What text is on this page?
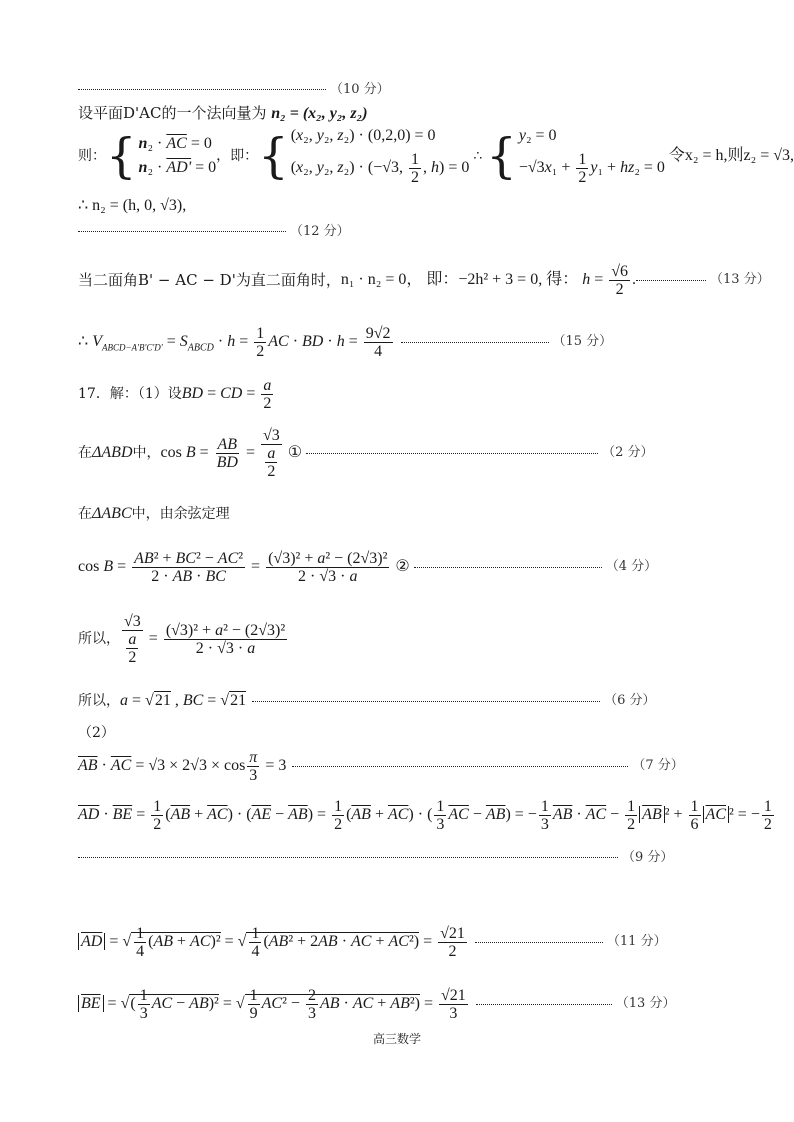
（10 分）
设平面D'AC的一个法向量为 n₂ = (x₂, y₂, z₂)
则： { $n_2 \cdot \overline{AC} = 0$
n₂ · AD' = 0
，即： { (x₂, y₂, z₂) · (0,2,0) = 0
(x₂, y₂, z₂) · (−√3, $\frac{1}{2}$ , h) = 0
∴ { y₂ = 0
$-√3x_1 + \frac{1}{2} y_1 + hz_2 = 0$
令x₂ = h,则z₂ = √3,
∴ n₂ = (h, 0, √3),
（12 分）
当二面角B' − AC − D'为直二面角时， n₁ · n₂ = 0， 即：−2h² + 3 = 0, 得： $h = \frac{√6}{2}$ .	（13 分）
∴ $V_{ABCD-A'B'C'D'} = S_{ABCD} \cdot h = \frac{1}{2}$ AC · BD · $h = \frac{9√2}{4}$	（15 分）
17．解：（1）设 BD = CD = $\frac{a}{2}$
在 ΔABD 中， $\cos B = \frac{AB}{BD} = \frac{√3}{\frac{a}{2}}$ ①	（2 分）
在ΔABC中，由余弦定理
$\cos B = \frac{\text{AB² + BC² − AC²}}{2 \cdot AB \cdot BC} = \frac{\text{(√3)² + a² − (2√3)²}}{2 \cdot √3 \cdot a}$ ②	（4 分）
所以， $\frac{√3}{\frac{a}{2}} = \frac{\text{(√3)² + a² − (2√3)²}}{2 \cdot √3 \cdot a}$
所以， a = √21 , BC = √21	（6 分）
（2）
$\overline{AB} \cdot \overline{AC} = √3 \times 2√3 \times \cos \frac{\pi}{3} = 3$	（7 分）
$\overline{AD} \cdot \overline{BE} = \frac{1}{2} (\overline{AB} + \overline{AC}) \cdot (\overline{AE} - \overline{AB}) = \frac{1}{2} (\overline{AB} + \overline{AC})$ · ( $\frac{1}{3} \overline{AC} - \overline{AB}$) = − $\frac{1}{3} \overline{AB} \cdot \overline{AC} - \frac{1}{2} \overline{AB}$ $^2 + \frac{1}{6} \overline{AC}$ ² = − $\frac{1}{2}$
（9 分）
$\overline{AD}$ = √ $\frac{1}{4} (\overline{AB} + \overline{AC})^2$ = √ $\frac{1}{4} (\overline{AB}^2 + 2\overline{AB} \cdot \overline{AC} + \overline{AC}^2) = \frac{√21}{2}$	（11 分）
$\overline{BE}$ = √( $\frac{1}{3} \overline{AC} - \overline{AB})^2$ = √ $\frac{1}{9} \overline{AC}^2 - \frac{2}{3} \overline{AB} \cdot \overline{AC} + \overline{AB}^2) = \frac{√21}{3}$	（13 分）
高三数学
